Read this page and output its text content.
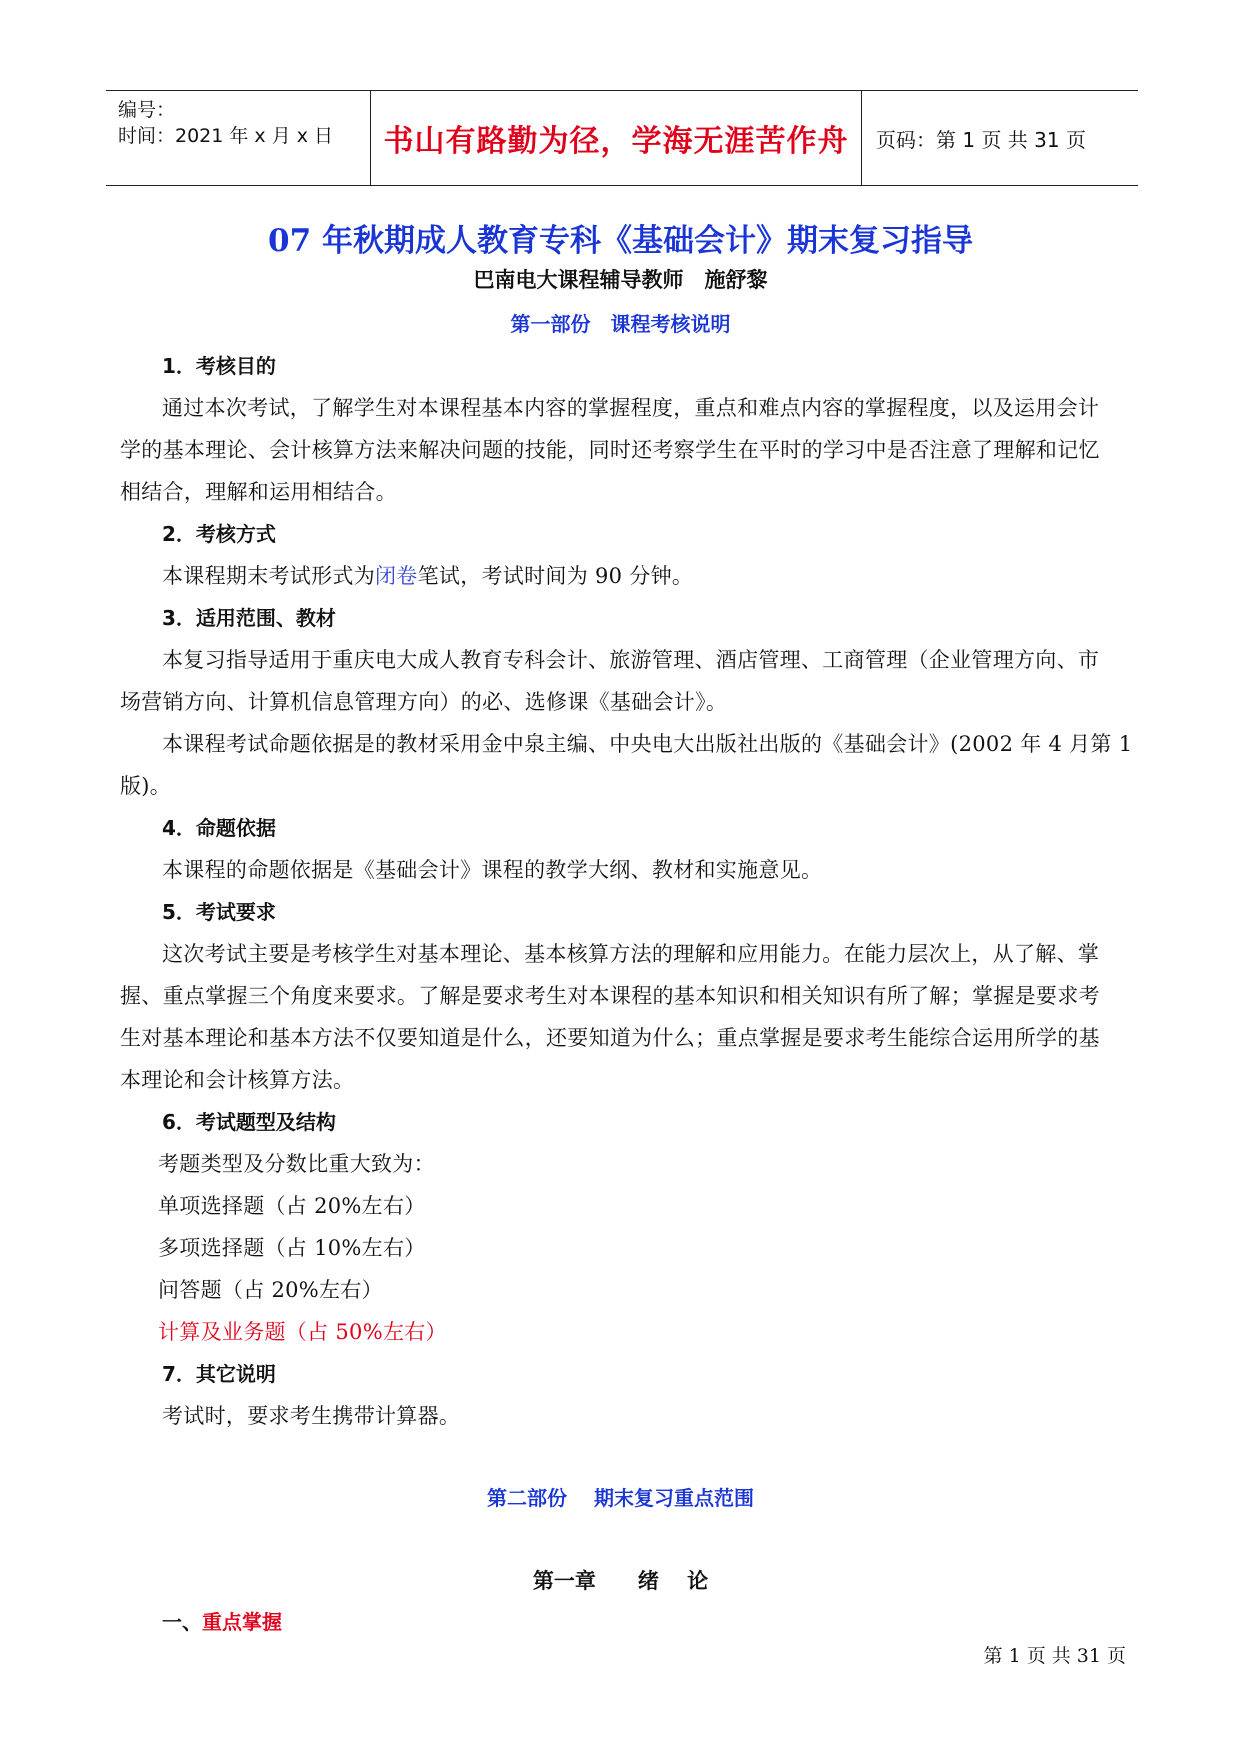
编号：
时间：2021 年 x 月 x 日 书山有路勤为径，学海无涯苦作舟 页码：第 1 页 共 31 页
07 年秋期成人教育专科《基础会计》期末复习指导
巴南电大课程辅导教师　施舒黎
第一部份　课程考核说明
1．考核目的
通过本次考试，了解学生对本课程基本内容的掌握程度，重点和难点内容的掌握程度，以及运用会计
学的基本理论、会计核算方法来解决问题的技能，同时还考察学生在平时的学习中是否注意了理解和记忆
相结合，理解和运用相结合。
2．考核方式
本课程期末考试形式为闭卷笔试，考试时间为 90 分钟。
3．适用范围、教材
本复习指导适用于重庆电大成人教育专科会计、旅游管理、酒店管理、工商管理（企业管理方向、市
场营销方向、计算机信息管理方向）的必、选修课《基础会计》。
本课程考试命题依据是的教材采用金中泉主编、中央电大出版社出版的《基础会计》(2002 年 4 月第 1
版)。
4．命题依据
本课程的命题依据是《基础会计》课程的教学大纲、教材和实施意见。
5．考试要求
这次考试主要是考核学生对基本理论、基本核算方法的理解和应用能力。在能力层次上，从了解、掌
握、重点掌握三个角度来要求。了解是要求考生对本课程的基本知识和相关知识有所了解；掌握是要求考
生对基本理论和基本方法不仅要知道是什么，还要知道为什么；重点掌握是要求考生能综合运用所学的基
本理论和会计核算方法。
6．考试题型及结构
考题类型及分数比重大致为：
单项选择题（占 20%左右）
多项选择题（占 10%左右）
问答题（占 20%左右）
计算及业务题（占 50%左右）
7．其它说明
考试时，要求考生携带计算器。
第二部份　 期末复习重点范围
第一章　　绪　 论
一、重点掌握
第 1 页 共 31 页
